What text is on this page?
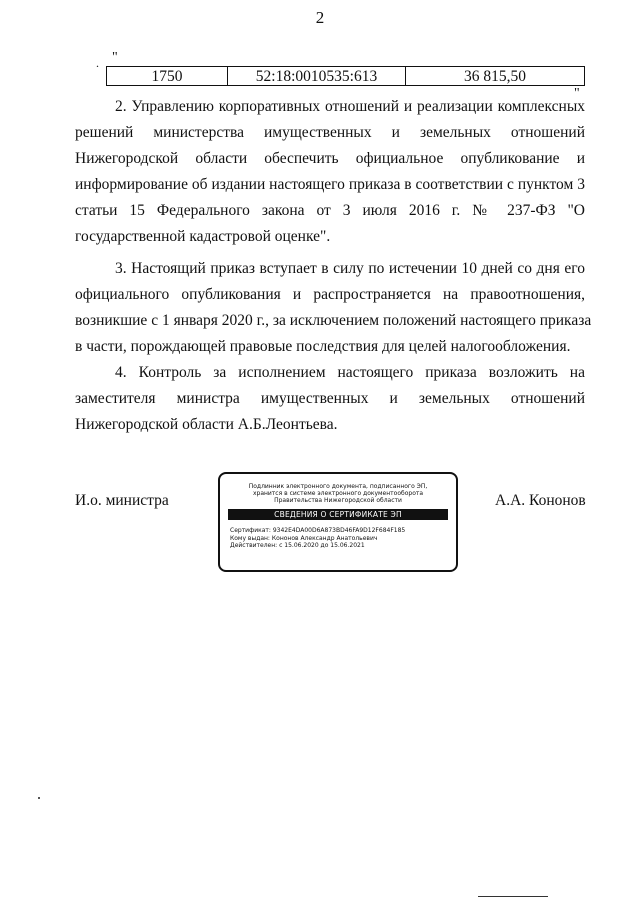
2
. "
1750	52:18:0010535:613	36 815,50
"
2. Управлению корпоративных отношений и реализации комплексных
решений министерства имущественных и земельных отношений
Нижегородской области обеспечить официальное опубликование и
информирование об издании настоящего приказа в соответствии с пунктом 3
статьи 15 Федерального закона от 3 июля 2016 г. № 237-ФЗ "О
государственной кадастровой оценке".
3. Настоящий приказ вступает в силу по истечении 10 дней со дня его
официального опубликования и распространяется на правоотношения,
возникшие с 1 января 2020 г., за исключением положений настоящего приказа
в части, порождающей правовые последствия для целей налогообложения.
4. Контроль за исполнением настоящего приказа возложить на
заместителя министра имущественных и земельных отношений
Нижегородской области А.Б.Леонтьева.
И.о. министра
Подлинник электронного документа, подписанного ЭП,
хранится в системе электронного документооборота
Правительства Нижегородской области
СВЕДЕНИЯ О СЕРТИФИКАТЕ ЭП
Сертификат: 9342E4DA00D6A873BD46FA9D12F684F185
Кому выдан: Кононов Александр Анатольевич
Действителен: с 15.06.2020 до 15.06.2021
А.А. Кононов
